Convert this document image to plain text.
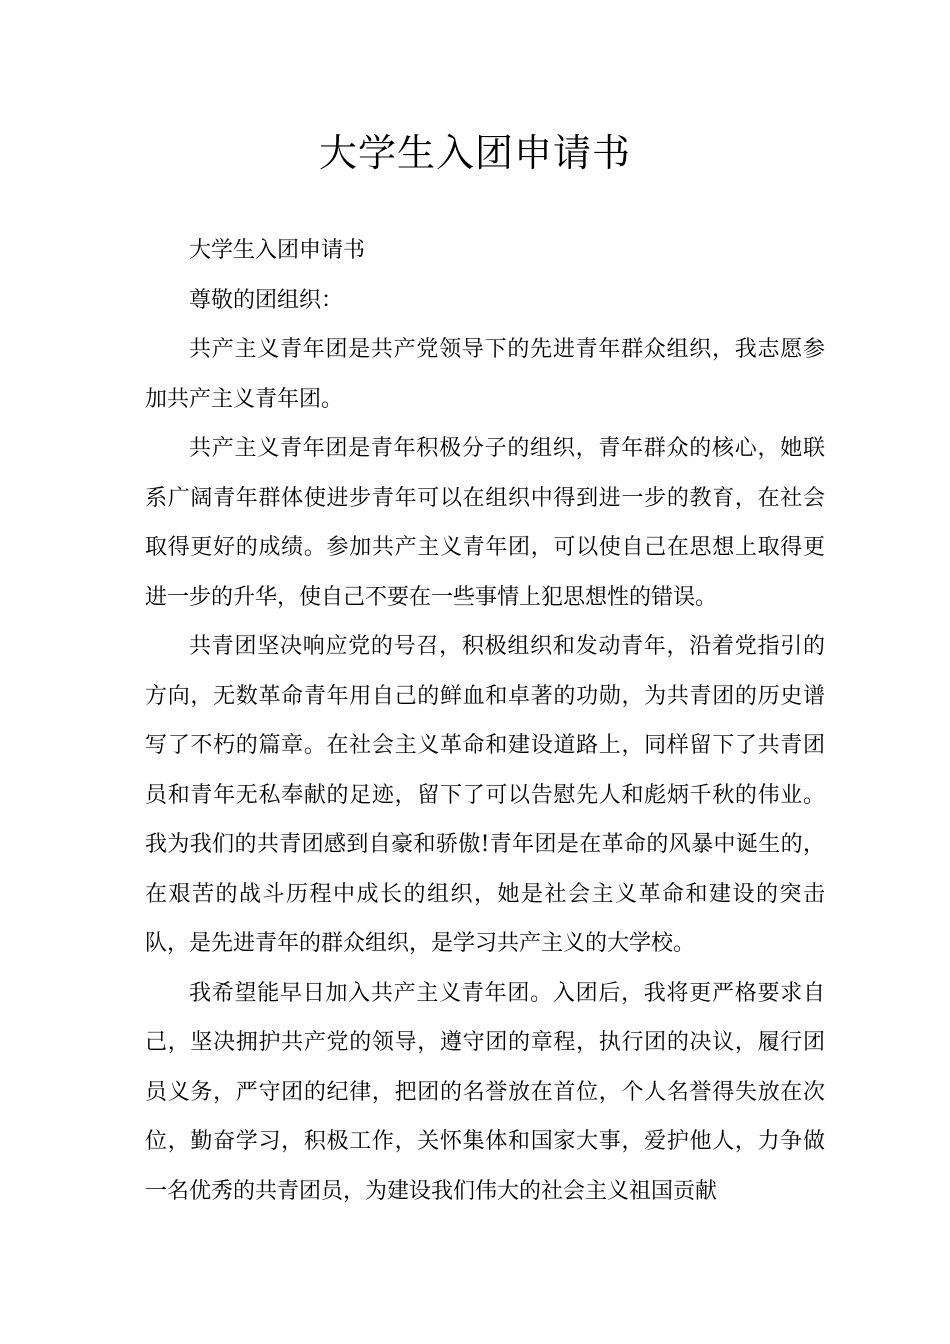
大学生入团申请书

大学生入团申请书

尊敬的团组织：

共产主义青年团是共产党领导下的先进青年群众组织，我志愿参加共产主义青年团。

共产主义青年团是青年积极分子的组织，青年群众的核心，她联系广阔青年群体使进步青年可以在组织中得到进一步的教育，在社会取得更好的成绩。参加共产主义青年团，可以使自己在思想上取得更进一步的升华，使自己不要在一些事情上犯思想性的错误。

共青团坚决响应党的号召，积极组织和发动青年，沿着党指引的方向，无数革命青年用自己的鲜血和卓著的功勋，为共青团的历史谱写了不朽的篇章。在社会主义革命和建设道路上，同样留下了共青团员和青年无私奉献的足迹，留下了可以告慰先人和彪炳千秋的伟业。我为我们的共青团感到自豪和骄傲!青年团是在革命的风暴中诞生的，在艰苦的战斗历程中成长的组织，她是社会主义革命和建设的突击队，是先进青年的群众组织，是学习共产主义的大学校。

我希望能早日加入共产主义青年团。入团后，我将更严格要求自己，坚决拥护共产党的领导，遵守团的章程，执行团的决议，履行团员义务，严守团的纪律，把团的名誉放在首位，个人名誉得失放在次位，勤奋学习，积极工作，关怀集体和国家大事，爱护他人，力争做一名优秀的共青团员，为建设我们伟大的社会主义祖国贡献
